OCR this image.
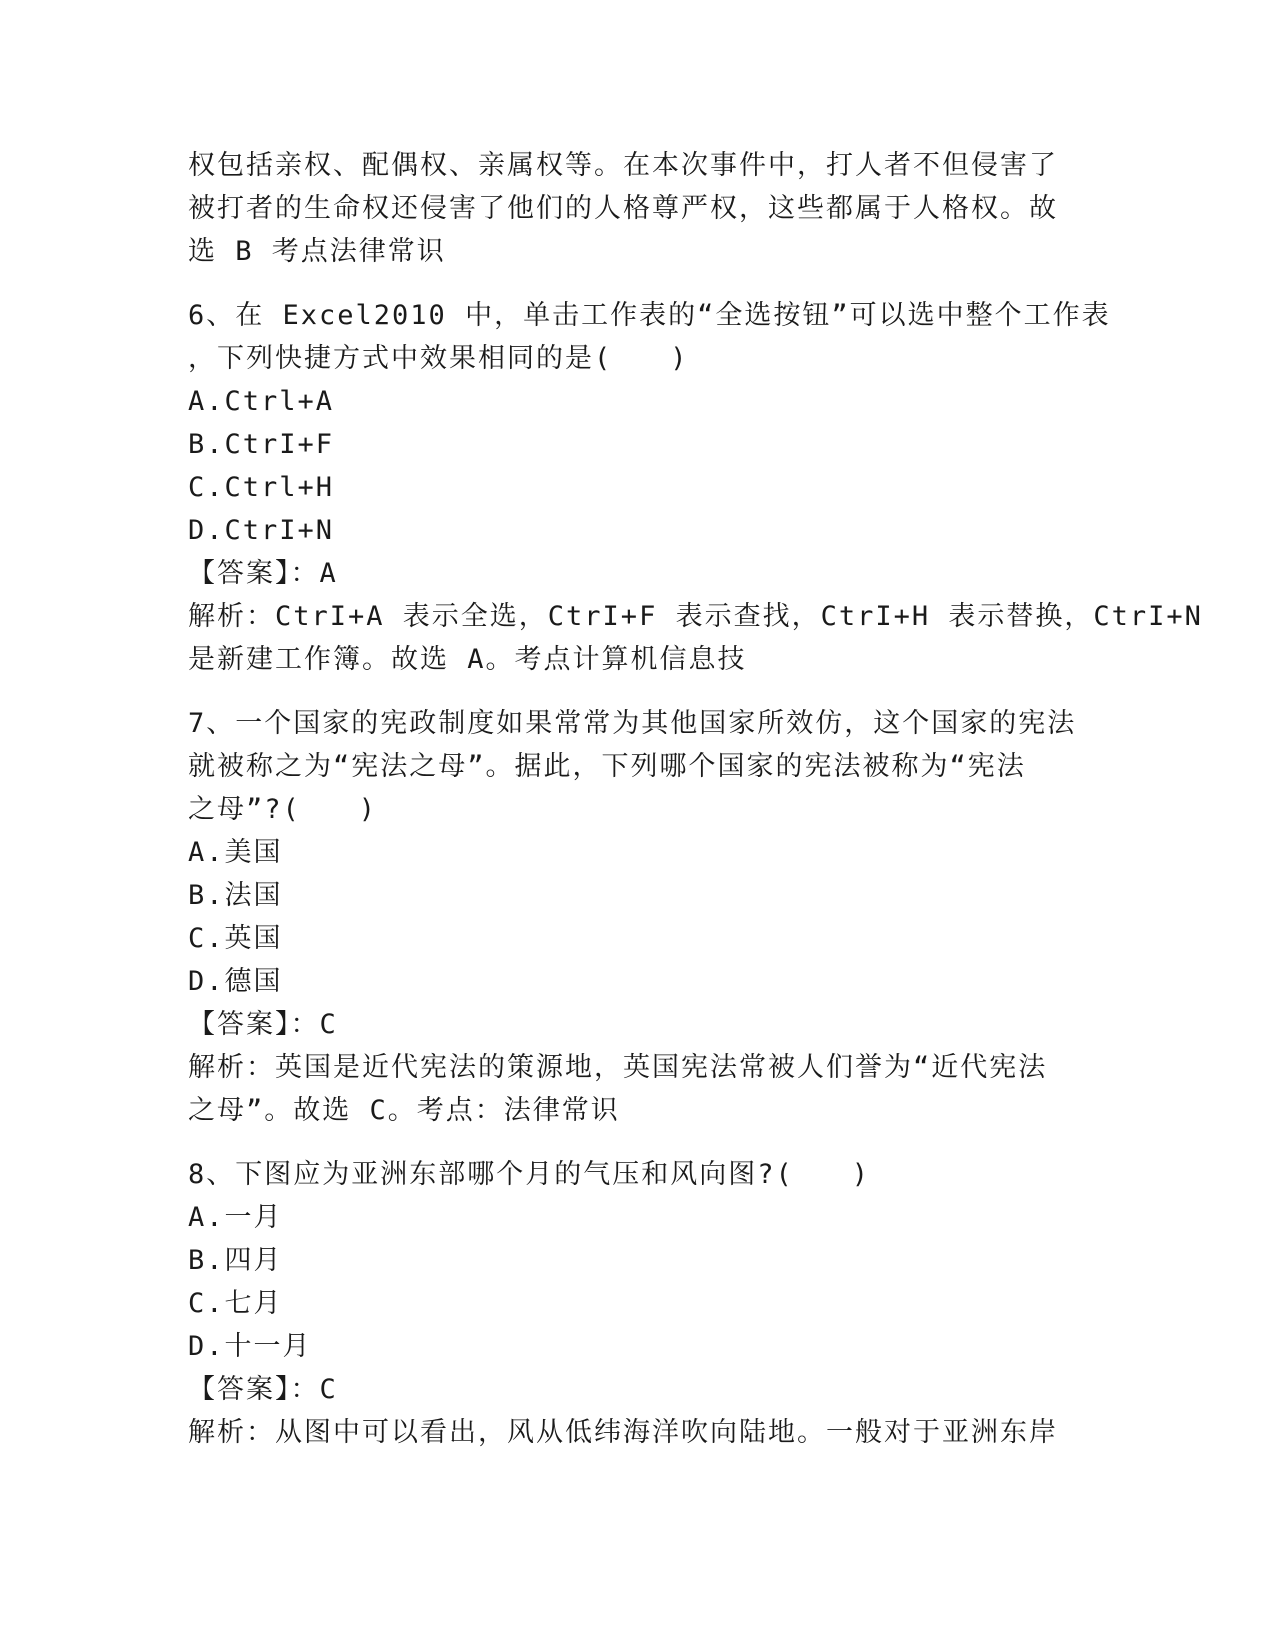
权包括亲权、配偶权、亲属权等。在本次事件中，打人者不但侵害了
被打者的生命权还侵害了他们的人格尊严权，这些都属于人格权。故
选 B 考点法律常识
6、在 Excel2010 中，单击工作表的“全选按钮”可以选中整个工作表
，下列快捷方式中效果相同的是(　　)
A.Ctrl+A
B.CtrI+F
C.Ctrl+H
D.CtrI+N
【答案】：A
解析：CtrI+A 表示全选，CtrI+F 表示查找，CtrI+H 表示替换，CtrI+N
是新建工作簿。故选 A。考点计算机信息技
7、一个国家的宪政制度如果常常为其他国家所效仿，这个国家的宪法
就被称之为“宪法之母”。据此，下列哪个国家的宪法被称为“宪法
之母”?(　　)
A.美国
B.法国
C.英国
D.德国
【答案】：C
解析：英国是近代宪法的策源地，英国宪法常被人们誉为“近代宪法
之母”。故选 C。考点：法律常识
8、下图应为亚洲东部哪个月的气压和风向图?(　　)
A.一月
B.四月
C.七月
D.十一月
【答案】：C
解析：从图中可以看出，风从低纬海洋吹向陆地。一般对于亚洲东岸
